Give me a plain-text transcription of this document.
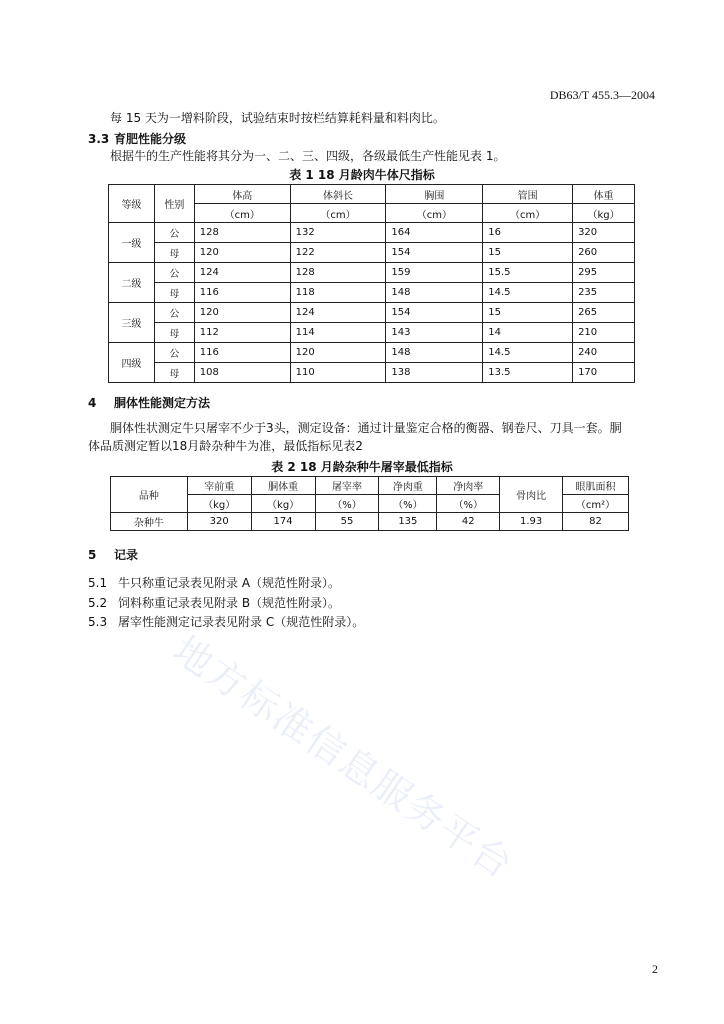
DB63/T 455.3—2004
每 15 天为一增料阶段，试验结束时按栏结算耗料量和料肉比。
3.3 育肥性能分级
根据牛的生产性能将其分为一、二、三、四级，各级最低生产性能见表 1。
表 1 18 月龄肉牛体尺指标
等级	性别	体高	体斜长	胸围	管围	体重
		（cm）	（cm）	（cm）	（cm）	（kg）
一级	公	128	132	164	16	320
	母	120	122	154	15	260
二级	公	124	128	159	15.5	295
	母	116	118	148	14.5	235
三级	公	120	124	154	15	265
	母	112	114	143	14	210
四级	公	116	120	148	14.5	240
	母	108	110	138	13.5	170
4 胴体性能测定方法
胴体性状测定牛只屠宰不少于3头，测定设备：通过计量鉴定合格的衡器、钢卷尺、刀具一套。胴
体品质测定暂以18月龄杂种牛为准，最低指标见表2
表 2 18 月龄杂种牛屠宰最低指标
品种	宰前重	胴体重	屠宰率	净肉重	净肉率	骨肉比	眼肌面积
	（kg）	（kg）	（%）	（%）	（%）		（cm²）
杂种牛	320	174	55	135	42	1.93	82
5 记录
5.1 牛只称重记录表见附录 A（规范性附录）。
5.2 饲料称重记录表见附录 B（规范性附录）。
5.3 屠宰性能测定记录表见附录 C（规范性附录）。
地方标准信息服务平台
2
